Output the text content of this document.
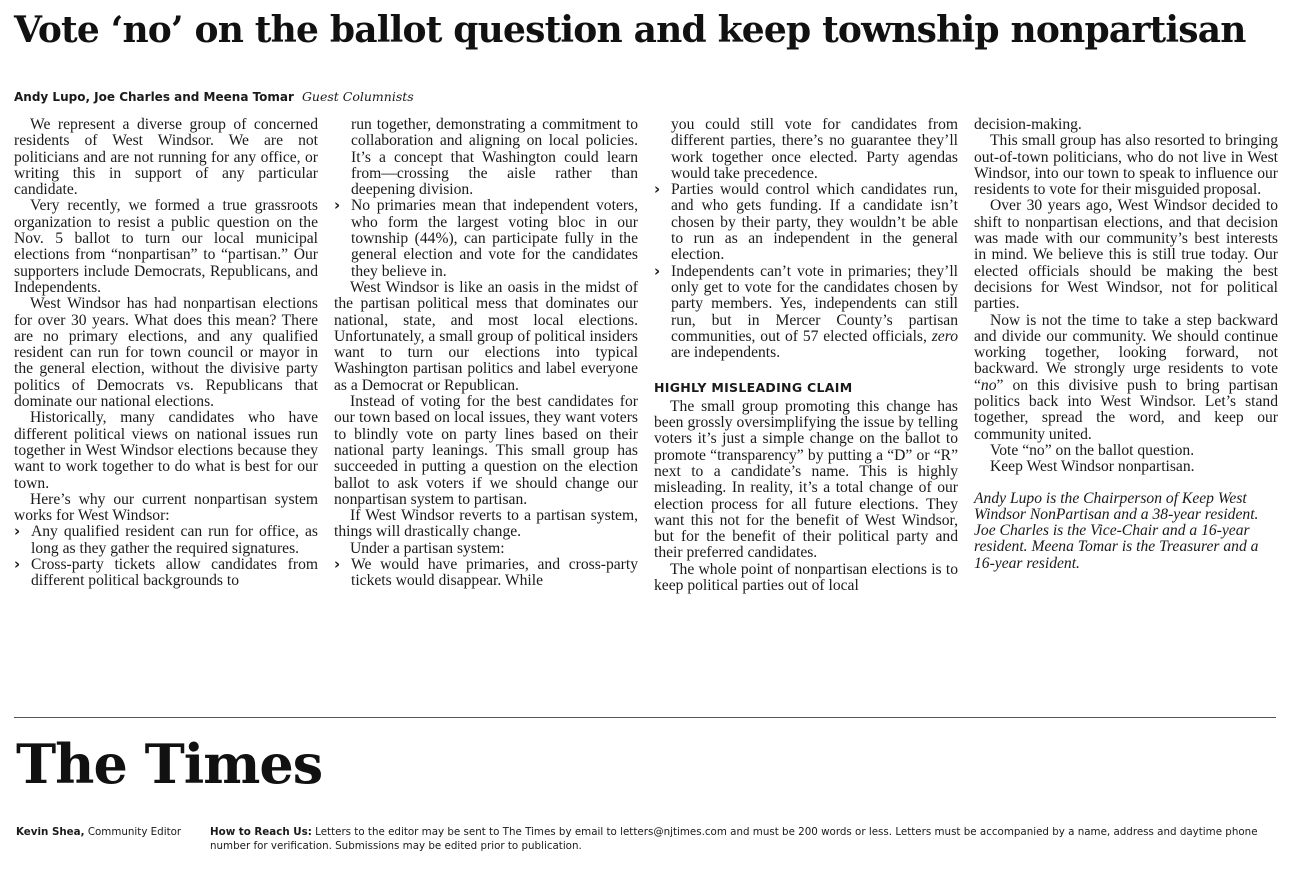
Vote ‘no’ on the ballot question and keep township nonpartisan
Andy Lupo, Joe Charles and Meena Tomar Guest Columnists

We represent a diverse group of concerned residents of West Windsor. We are not politicians and are not running for any office, or writing this in support of any particular candidate.

Very recently, we formed a true grassroots organization to resist a public question on the Nov. 5 ballot to turn our local municipal elections from “nonpartisan” to “partisan.” Our supporters include Democrats, Republicans, and Independents.

West Windsor has had nonpartisan elections for over 30 years. What does this mean? There are no primary elections, and any qualified resident can run for town council or mayor in the general election, without the divisive party politics of Democrats vs. Republicans that dominate our national elections.

Historically, many candidates who have different political views on national issues run together in West Windsor elections because they want to work together to do what is best for our town.

Here’s why our current nonpartisan system works for West Windsor:

› Any qualified resident can run for office, as long as they gather the required signatures.
› Cross-party tickets allow candidates from different political backgrounds to

run together, demonstrating a commitment to collaboration and aligning on local policies. It’s a concept that Washington could learn from—crossing the aisle rather than deepening division.

› No primaries mean that independent voters, who form the largest voting bloc in our township (44%), can participate fully in the general election and vote for the candidates they believe in.

West Windsor is like an oasis in the midst of the partisan political mess that dominates our national, state, and most local elections. Unfortunately, a small group of political insiders want to turn our elections into typical Washington partisan politics and label everyone as a Democrat or Republican.

Instead of voting for the best candidates for our town based on local issues, they want voters to blindly vote on party lines based on their national party leanings. This small group has succeeded in putting a question on the election ballot to ask voters if we should change our nonpartisan system to partisan.

If West Windsor reverts to a partisan system, things will drastically change.

Under a partisan system:

› We would have primaries, and cross-party tickets would disappear. While

you could still vote for candidates from different parties, there’s no guarantee they’ll work together once elected. Party agendas would take precedence.

› Parties would control which candidates run, and who gets funding. If a candidate isn’t chosen by their party, they wouldn’t be able to run as an independent in the general election.
› Independents can’t vote in primaries; they’ll only get to vote for the candidates chosen by party members. Yes, independents can still run, but in Mercer County’s partisan communities, out of 57 elected officials, zero are independents.

HIGHLY MISLEADING CLAIM

The small group promoting this change has been grossly oversimplifying the issue by telling voters it’s just a simple change on the ballot to promote “transparency” by putting a “D” or “R” next to a candidate’s name. This is highly misleading. In reality, it’s a total change of our election process for all future elections. They want this not for the benefit of West Windsor, but for the benefit of their political party and their preferred candidates.

The whole point of nonpartisan elections is to keep political parties out of local

decision-making.

This small group has also resorted to bringing out-of-town politicians, who do not live in West Windsor, into our town to speak to influence our residents to vote for their misguided proposal.

Over 30 years ago, West Windsor decided to shift to nonpartisan elections, and that decision was made with our community’s best interests in mind. We believe this is still true today. Our elected officials should be making the best decisions for West Windsor, not for political parties.

Now is not the time to take a step backward and divide our community. We should continue working together, looking forward, not backward. We strongly urge residents to vote “no” on this divisive push to bring partisan politics back into West Windsor. Let’s stand together, spread the word, and keep our community united.

Vote “no” on the ballot question.

Keep West Windsor nonpartisan.

Andy Lupo is the Chairperson of Keep West Windsor NonPartisan and a 38-year resident. Joe Charles is the Vice-Chair and a 16-year resident. Meena Tomar is the Treasurer and a 16-year resident.

The Times
Kevin Shea, Community Editor	How to Reach Us: Letters to the editor may be sent to The Times by email to letters@njtimes.com and must be 200 words or less. Letters must be accompanied by a name, address and daytime phone number for verification. Submissions may be edited prior to publication.
